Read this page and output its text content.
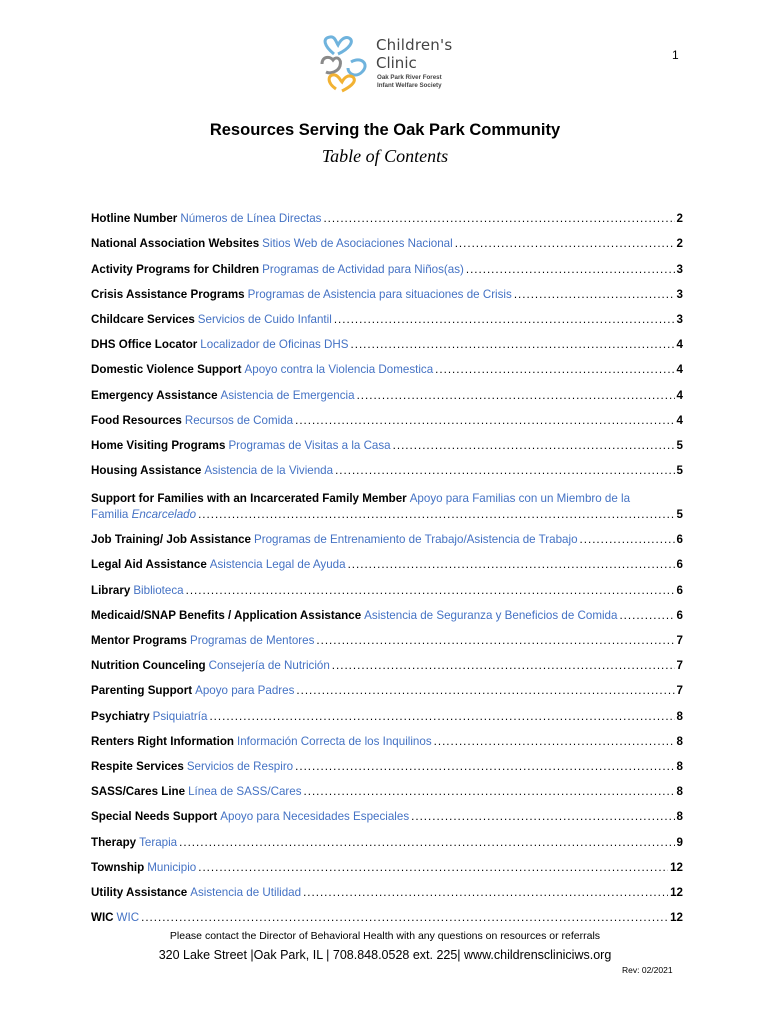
Children's
Clinic
Oak Park River Forest
Infant Welfare Society
1
Resources Serving the Oak Park Community
Table of Contents
Hotline Number Números de Línea Directas .....	2
National Association Websites Sitios Web de Asociaciones Nacional .....	2
Activity Programs for Children Programas de Actividad para Niños(as) .....	3
Crisis Assistance Programs Programas de Asistencia para situaciones de Crisis .....	3
Childcare Services Servicios de Cuido Infantil .....	3
DHS Office Locator Localizador de Oficinas DHS .....	4
Domestic Violence Support Apoyo contra la Violencia Domestica .....	4
Emergency Assistance Asistencia de Emergencia .....	4
Food Resources Recursos de Comida .....	4
Home Visiting Programs Programas de Visitas a la Casa .....	5
Housing Assistance Asistencia de la Vivienda .....	5
Support for Families with an Incarcerated Family Member Apoyo para Familias con un Miembro de la
Familia Encarcelado .....	5
Job Training/ Job Assistance Programas de Entrenamiento de Trabajo/Asistencia de Trabajo .....	6
Legal Aid Assistance Asistencia Legal de Ayuda .....	6
Library Biblioteca .....	6
Medicaid/SNAP Benefits / Application Assistance Asistencia de Seguranza y Beneficios de Comida .....	6
Mentor Programs Programas de Mentores .....	7
Nutrition Counceling Consejería de Nutrición .....	7
Parenting Support Apoyo para Padres .....	7
Psychiatry Psiquiatría .....	8
Renters Right Information Información Correcta de los Inquilinos .....	8
Respite Services Servicios de Respiro .....	8
SASS/Cares Line Línea de SASS/Cares .....	8
Special Needs Support Apoyo para Necesidades Especiales .....	8
Therapy Terapia .....	9
Township Municipio .....	12
Utility Assistance Asistencia de Utilidad .....	12
WIC WIC .....	12
Please contact the Director of Behavioral Health with any questions on resources or referrals
320 Lake Street |Oak Park, IL | 708.848.0528 ext. 225| www.childrenscliniciws.org
Rev: 02/2021
